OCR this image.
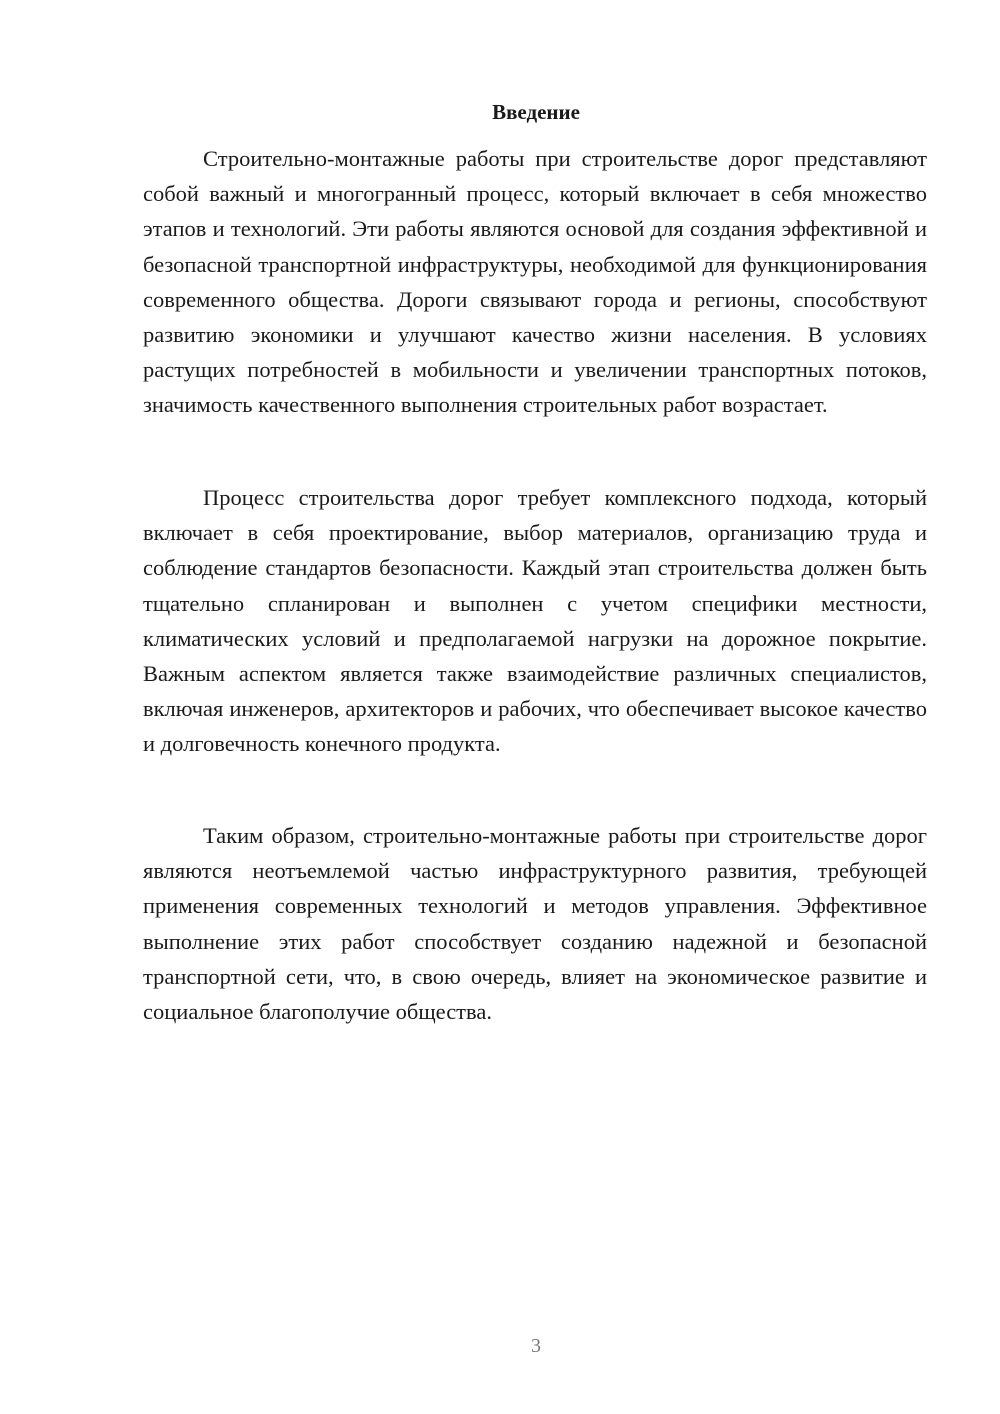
Введение

Строительно-монтажные работы при строительстве дорог представляют собой важный и многогранный процесс, который включает в себя множество этапов и технологий. Эти работы являются основой для создания эффективной и безопасной транспортной инфраструктуры, необходимой для функционирования современного общества. Дороги связывают города и регионы, способствуют развитию экономики и улучшают качество жизни населения. В условиях растущих потребностей в мобильности и увеличении транспортных потоков, значимость качественного выполнения строительных работ возрастает.

Процесс строительства дорог требует комплексного подхода, который включает в себя проектирование, выбор материалов, организацию труда и соблюдение стандартов безопасности. Каждый этап строительства должен быть тщательно спланирован и выполнен с учетом специфики местности, климатических условий и предполагаемой нагрузки на дорожное покрытие. Важным аспектом является также взаимодействие различных специалистов, включая инженеров, архитекторов и рабочих, что обеспечивает высокое качество и долговечность конечного продукта.

Таким образом, строительно-монтажные работы при строительстве дорог являются неотъемлемой частью инфраструктурного развития, требующей применения современных технологий и методов управления. Эффективное выполнение этих работ способствует созданию надежной и безопасной транспортной сети, что, в свою очередь, влияет на экономическое развитие и социальное благополучие общества.

3
